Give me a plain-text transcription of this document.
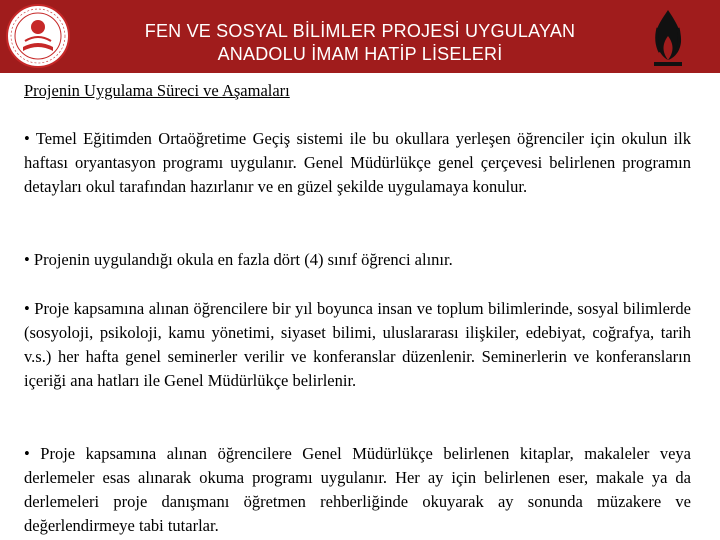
FEN VE SOSYAL BİLİMLER PROJESİ UYGULAYAN
ANADOLU İMAM HATİP LİSELERİ
Projenin Uygulama Süreci ve Aşamaları

• Temel Eğitimden Ortaöğretime Geçiş sistemi ile bu okullara yerleşen öğrenciler için okulun ilk haftası oryantasyon programı uygulanır. Genel Müdürlükçe genel çerçevesi belirlenen programın detayları okul tarafından hazırlanır ve en güzel şekilde uygulamaya konulur.

• Projenin uygulandığı okula en fazla dört (4) sınıf öğrenci alınır.

• Proje kapsamına alınan öğrencilere bir yıl boyunca insan ve toplum bilimlerinde, sosyal bilimlerde (sosyoloji, psikoloji, kamu yönetimi, siyaset bilimi, uluslararası ilişkiler, edebiyat, coğrafya, tarih v.s.) her hafta genel seminerler verilir ve konferanslar düzenlenir. Seminerlerin ve konferansların içeriği ana hatları ile Genel Müdürlükçe belirlenir.

• Proje kapsamına alınan öğrencilere Genel Müdürlükçe belirlenen kitaplar, makaleler veya derlemeler esas alınarak okuma programı uygulanır. Her ay için belirlenen eser, makale ya da derlemeleri proje danışmanı öğretmen rehberliğinde okuyarak ay sonunda müzakere ve değerlendirmeye tabi tutarlar.
